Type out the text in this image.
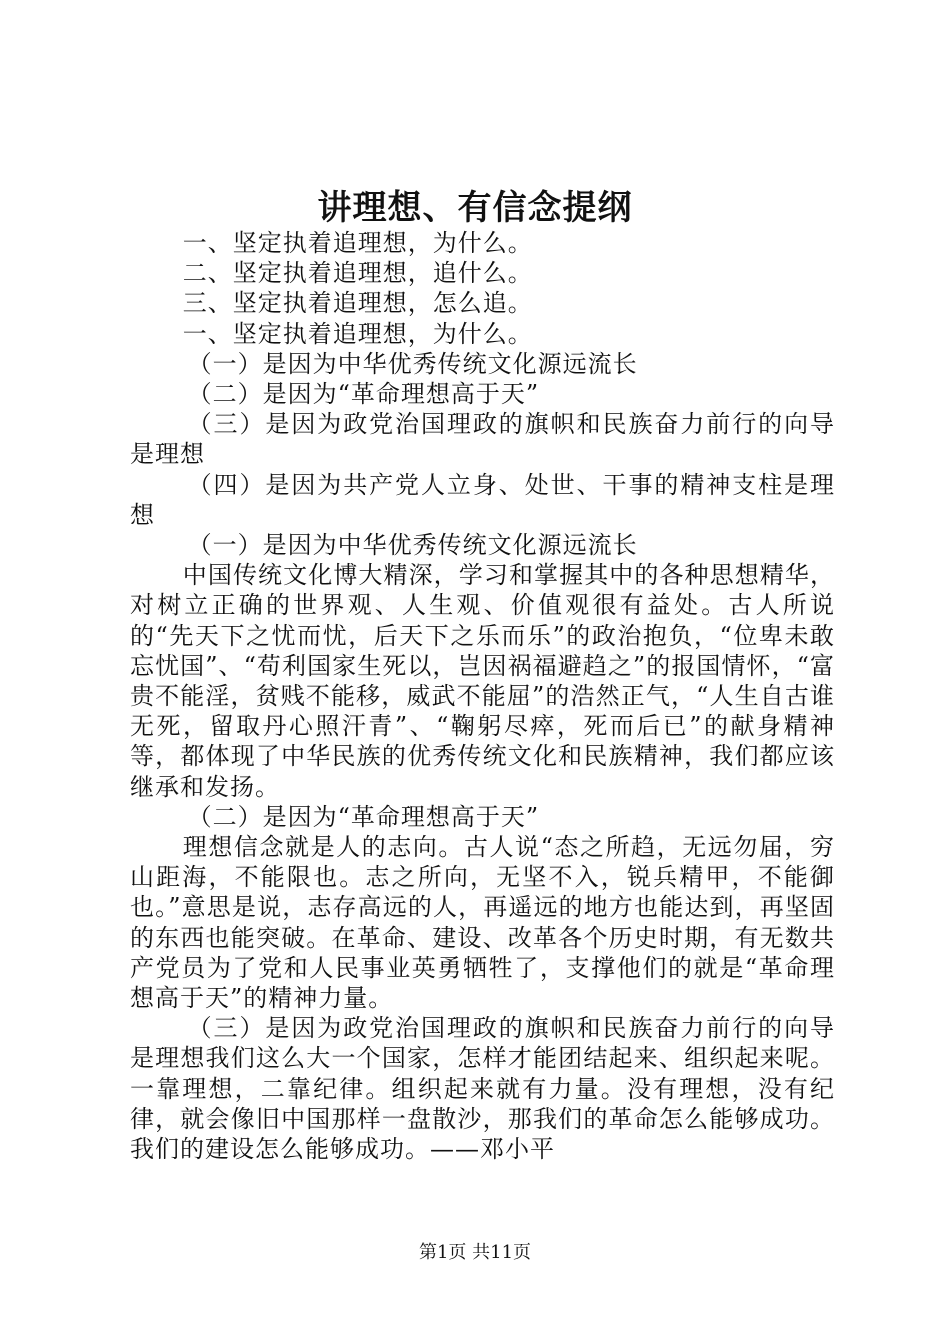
讲理想、有信念提纲

一、坚定执着追理想，为什么。

二、坚定执着追理想，追什么。

三、坚定执着追理想，怎么追。

一、坚定执着追理想，为什么。

（一）是因为中华优秀传统文化源远流长

（二）是因为“革命理想高于天”

（三）是因为政党治国理政的旗帜和民族奋力前行的向导是理想

（四）是因为共产党人立身、处世、干事的精神支柱是理想

（一）是因为中华优秀传统文化源远流长

中国传统文化博大精深，学习和掌握其中的各种思想精华，对树立正确的世界观、人生观、价值观很有益处。古人所说的“先天下之忧而忧，后天下之乐而乐”的政治抱负，“位卑未敢忘忧国”、“苟利国家生死以，岂因祸福避趋之”的报国情怀，“富贵不能淫，贫贱不能移，威武不能屈”的浩然正气，“人生自古谁无死，留取丹心照汗青”、“鞠躬尽瘁，死而后已”的献身精神等，都体现了中华民族的优秀传统文化和民族精神，我们都应该继承和发扬。

（二）是因为“革命理想高于天”

理想信念就是人的志向。古人说“态之所趋，无远勿届，穷山距海，不能限也。志之所向，无坚不入，锐兵精甲，不能御也。”意思是说，志存高远的人，再遥远的地方也能达到，再坚固的东西也能突破。在革命、建设、改革各个历史时期，有无数共产党员为了党和人民事业英勇牺牲了，支撑他们的就是“革命理想高于天”的精神力量。

（三）是因为政党治国理政的旗帜和民族奋力前行的向导是理想我们这么大一个国家，怎样才能团结起来、组织起来呢。一靠理想，二靠纪律。组织起来就有力量。没有理想，没有纪律，就会像旧中国那样一盘散沙，那我们的革命怎么能够成功。我们的建设怎么能够成功。——邓小平

第1页 共11页
